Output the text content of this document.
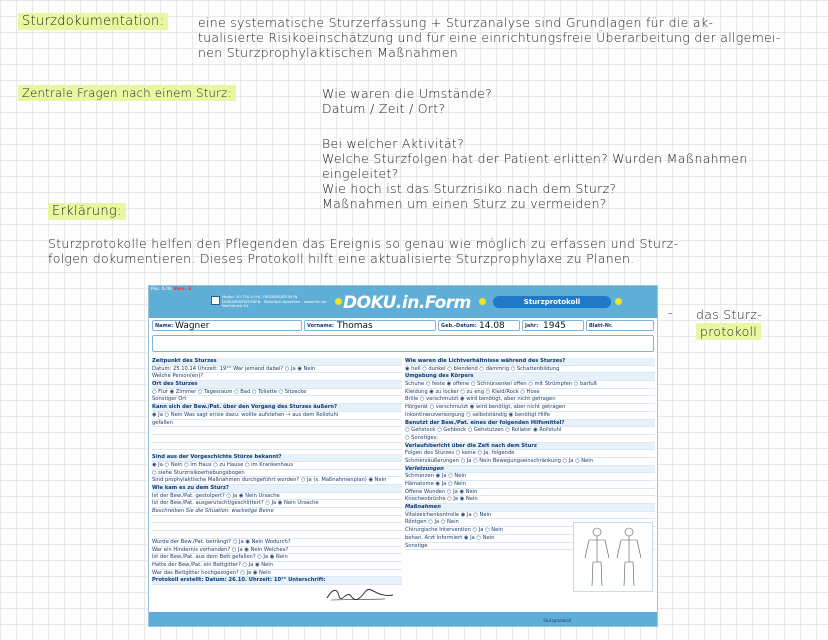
Sturzdokumentation:	eine systematische Sturzerfassung + Sturzanalyse sind Grundlagen für die ak-
tualisierte Risikoeinschätzung und für eine einrichtungsfreie Überarbeitung der allgemei-
nen Sturzprophylaktischen Maßnahmen
Zentrale Fragen nach einem Sturz:	Wie waren die Umstände?
Datum / Zeit / Ort?
Bei welcher Aktivität?
Welche Sturzfolgen hat der Patient erlitten? Wurden Maßnahmen
eingeleitet?
Wie hoch ist das Sturzrisiko nach dem Sturz?
Maßnahmen um einen Sturz zu vermeiden?
Erklärung:
Sturzprotokolle helfen den Pflegenden das Ereignis so genau wie möglich zu erfassen und Sturz-
folgen dokumentieren. Dieses Protokoll hilft eine aktualisierte Sturzprophylaxe zu Planen.
- das Sturz-
protokoll
Pos. 6.0a Vers. 3
Modul: 30.730.4 FHC ORGANISATION IN DOKUMENTATIONEN · Mehrfach bestellen · www.fhc.de · Nachdruck 01.	DOKU.in.Form	Sturzprotokoll
Name: Wagner	Vorname: Thomas	Geb.-Datum: 14.08	Jahr: 1945	Blatt-Nr.
Zeitpunkt des Sturzes
Datum: 25.10.14 Uhrzeit: 19°° War jemand dabei? ○ Ja ◉ Nein
Welche Person(en)?
Ort des Sturzes
○ Flur ◉ Zimmer ○ Tagesraum ○ Bad ○ Toilette ○ Sitzecke
Sonstiger Ort
Kann sich der Bew./Pat. über den Vorgang des Sturzes äußern?
◉ Ja ○ Nein Was sagt er/sie dazu: wollte aufstehen → aus dem Rollstuhl
gefallen
Sind aus der Vorgeschichte Stürze bekannt?
◉ Ja ○ Nein ○ im Haus ○ zu Hause ○ im Krankenhaus
○ siehe Sturzrisikoerhebungsbogen
Sind prophylaktische Maßnahmen durchgeführt worden? ○ Ja (s. Maßnahmenplan) ◉ Nein
Wie kam es zu dem Sturz?
Ist der Bew./Pat. gestolpert? ○ Ja ◉ Nein Ursache
Ist der Bew./Pat. ausgerutscht/geschlittert? ○ Ja ◉ Nein Ursache
Beschreiben Sie die Situation: wackelige Beine
Wurde der Bew./Pat. beträngt? ○ Ja ◉ Nein Wodurch?
War ein Hindernis vorhanden? ○ Ja ◉ Nein Welches?
Ist der Bew./Pat. aus dem Bett gefallen? ○ Ja ◉ Nein
Hatte der Bew./Pat. ein Bettgitter? ○ Ja ◉ Nein
War das Bettgitter hochgezogen? ○ Ja ◉ Nein
Protokoll erstellt: Datum: 26.10. Uhrzeit: 10°° Unterschrift:
Wie waren die Lichtverhältnisse während des Sturzes?
◉ hell ○ dunkel ○ blendend ○ dämmrig ○ Schattenbildung
Umgebung des Körpers
Schuhe ○ feste ◉ offene ○ Schnürsenkel offen ○ mit Strümpfen ○ barfuß
Kleidung ◉ zu locker ○ zu eng ○ Kleid/Rock ○ Hose
Brille ○ verschmutzt ◉ wird benötigt, aber nicht getragen
Hörgerät ○ verschmutzt ◉ wird benötigt, aber nicht getragen
Inkontinenzversorgung ○ selbstständig ◉ benötigt Hilfe
Benutzt der Bew./Pat. eines der folgenden Hilfsmittel?
○ Gehstock ○ Gehbock ○ Gehstutzen ○ Rollator ◉ Rollstuhl
○ Sonstiges:
Verlaufsbericht über die Zeit nach dem Sturz
Folgen des Sturzes ○ keine ○ Ja, folgende
Schmerzäußerungen ○ Ja ○ Nein Bewegungseinschränkung ○ Ja ○ Nein
Verletzungen
Schmerzen ◉ Ja ○ Nein
Hämatome ◉ Ja ○ Nein
Offene Wunden ○ Ja ◉ Nein
Knochenbrüche ○ Ja ◉ Nein
Maßnahmen
Vitalzeichenkontrolle ◉ Ja ○ Nein
Röntgen ○ Ja ○ Nein
Chirurgische Intervention ○ Ja ○ Nein
behan. Arzt informiert ◉ Ja ○ Nein
Sonstige
Sturzprotokoll
